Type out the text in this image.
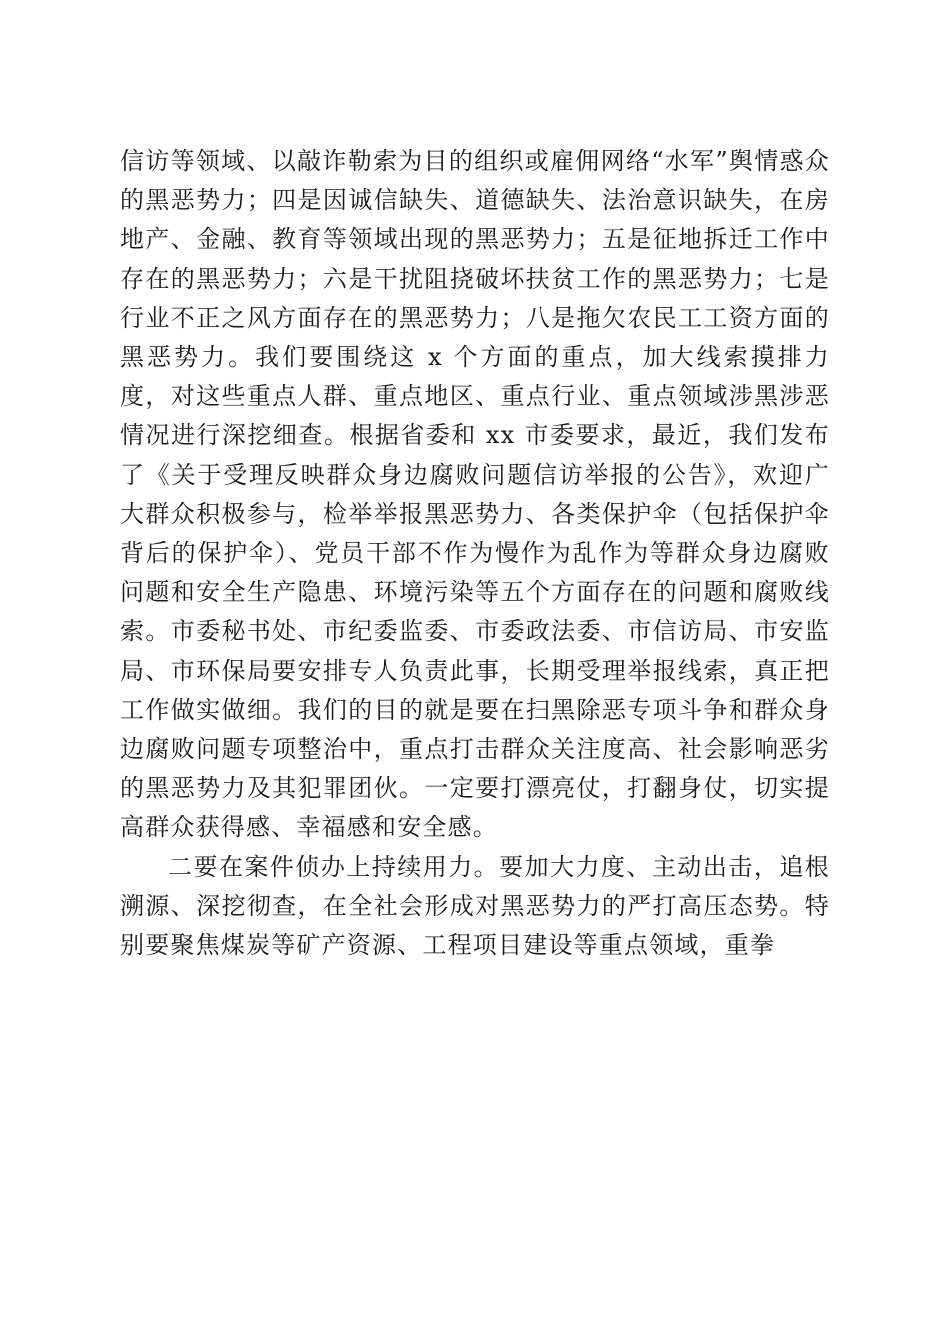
信访等领域、以敲诈勒索为目的组织或雇佣网络“水军”舆情惑众的黑恶势力；四是因诚信缺失、道德缺失、法治意识缺失，在房地产、金融、教育等领域出现的黑恶势力；五是征地拆迁工作中存在的黑恶势力；六是干扰阻挠破坏扶贫工作的黑恶势力；七是行业不正之风方面存在的黑恶势力；八是拖欠农民工工资方面的黑恶势力。我们要围绕这 x 个方面的重点，加大线索摸排力度，对这些重点人群、重点地区、重点行业、重点领域涉黑涉恶情况进行深挖细查。根据省委和 xx 市委要求，最近，我们发布了《关于受理反映群众身边腐败问题信访举报的公告》，欢迎广大群众积极参与，检举举报黑恶势力、各类保护伞（包括保护伞背后的保护伞）、党员干部不作为慢作为乱作为等群众身边腐败问题和安全生产隐患、环境污染等五个方面存在的问题和腐败线索。市委秘书处、市纪委监委、市委政法委、市信访局、市安监局、市环保局要安排专人负责此事，长期受理举报线索，真正把工作做实做细。我们的目的就是要在扫黑除恶专项斗争和群众身边腐败问题专项整治中，重点打击群众关注度高、社会影响恶劣的黑恶势力及其犯罪团伙。一定要打漂亮仗，打翻身仗，切实提高群众获得感、幸福感和安全感。

二要在案件侦办上持续用力。要加大力度、主动出击，追根溯源、深挖彻查，在全社会形成对黑恶势力的严打高压态势。特别要聚焦煤炭等矿产资源、工程项目建设等重点领域，重拳
